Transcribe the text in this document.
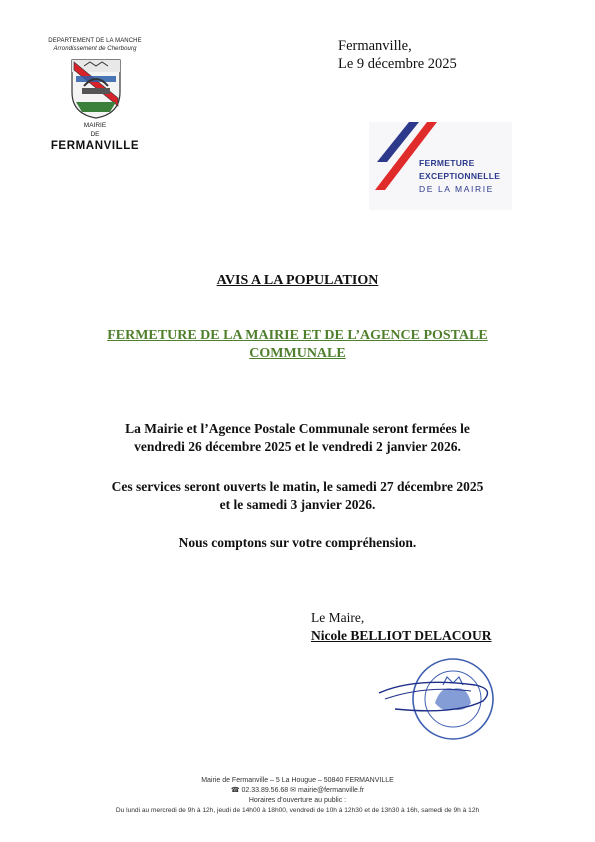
DEPARTEMENT DE LA MANCHE
Arrondissement de Cherbourg
MAIRIE
DE
FERMANVILLE
Fermanville,
Le 9 décembre 2025
FERMETURE
EXCEPTIONNELLE
DE LA MAIRIE
AVIS A LA POPULATION
FERMETURE DE LA MAIRIE ET DE L’AGENCE POSTALE
COMMUNALE
La Mairie et l’Agence Postale Communale seront fermées le
vendredi 26 décembre 2025 et le vendredi 2 janvier 2026.
Ces services seront ouverts le matin, le samedi 27 décembre 2025
et le samedi 3 janvier 2026.
Nous comptons sur votre compréhension.
Le Maire,
Nicole BELLIOT DELACOUR
Mairie de Fermanville – 5 La Hougue – 50840 FERMANVILLE
☎ 02.33.89.56.68 ✉ mairie@fermanville.fr
Horaires d’ouverture au public :
Du lundi au mercredi de 9h à 12h, jeudi de 14h00 à 18h00, vendredi de 10h à 12h30 et de 13h30 à 16h, samedi de 9h à 12h
